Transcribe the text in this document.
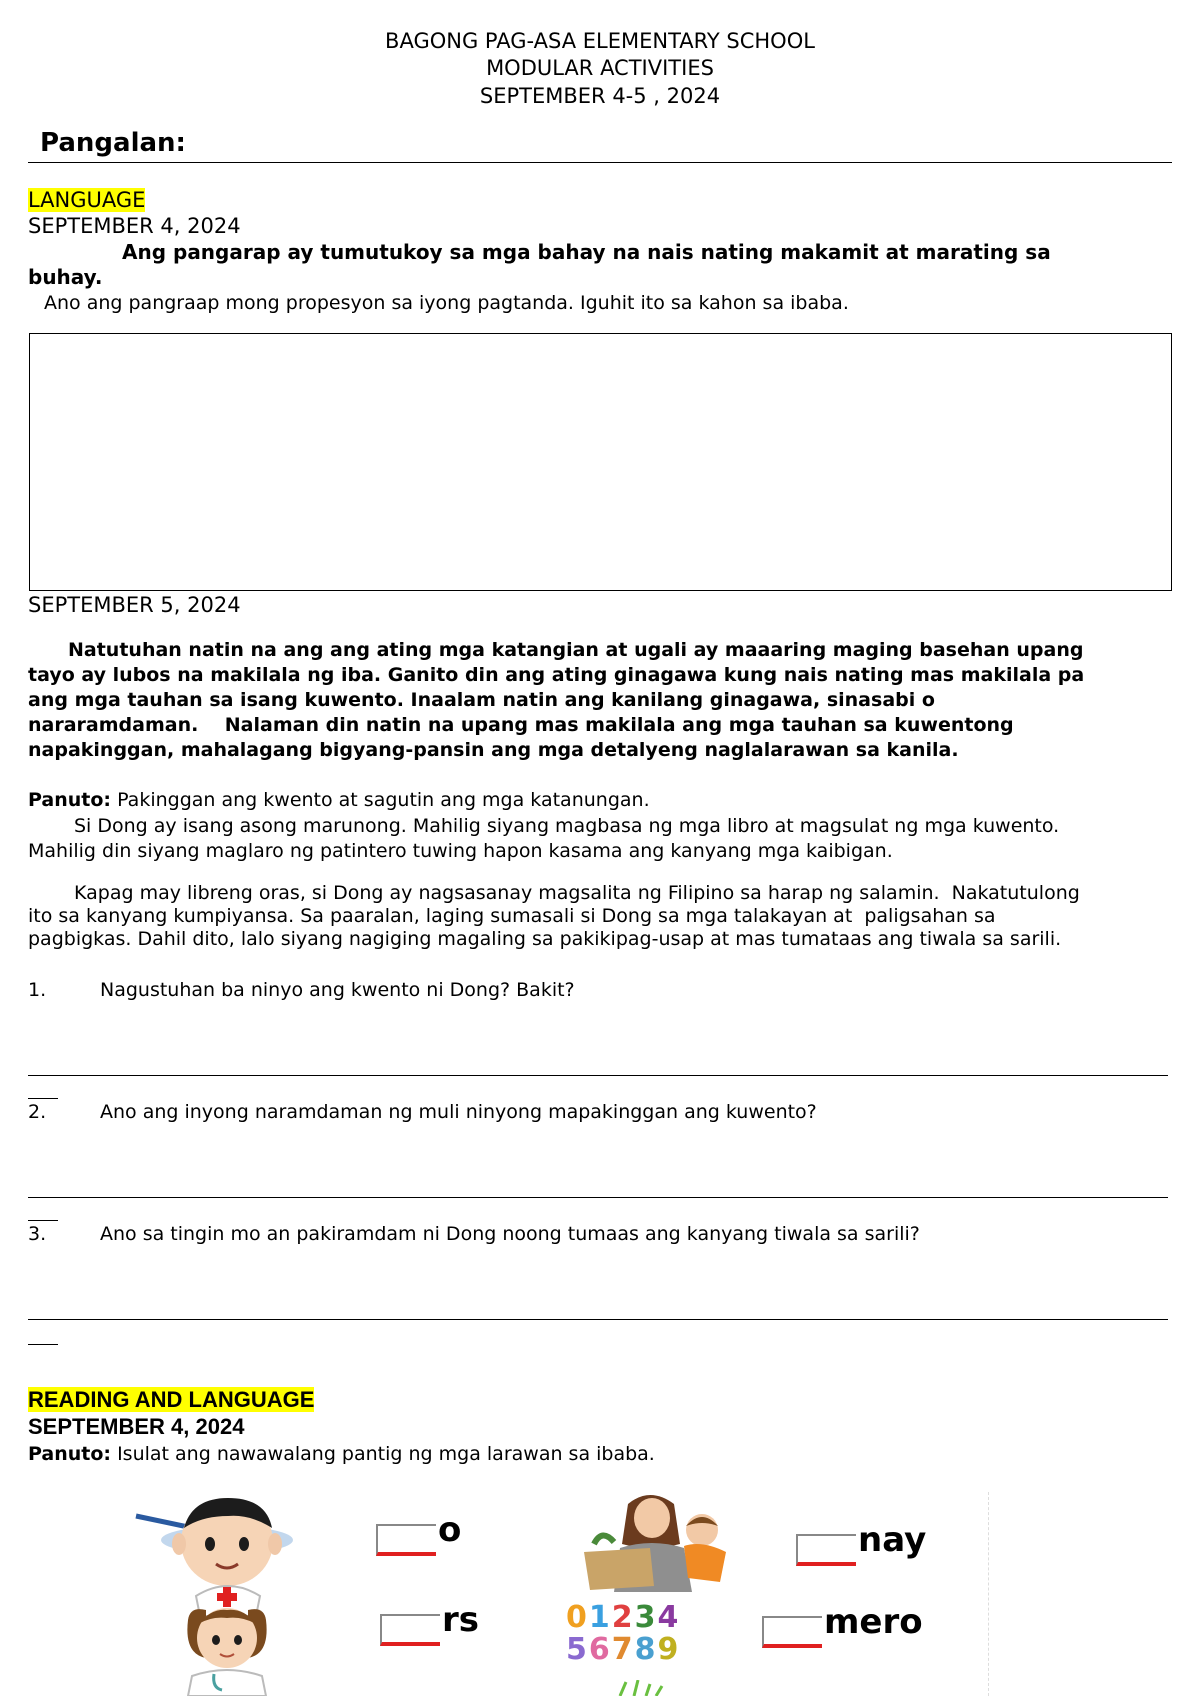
BAGONG PAG-ASA ELEMENTARY SCHOOL
MODULAR ACTIVITIES
SEPTEMBER 4-5 , 2024
Pangalan:
LANGUAGE
SEPTEMBER 4, 2024
Ang pangarap ay tumutukoy sa mga bahay na nais nating makamit at marating sa
buhay.
Ano ang pangraap mong propesyon sa iyong pagtanda. Iguhit ito sa kahon sa ibaba.
SEPTEMBER 5, 2024
Natutuhan natin na ang ang ating mga katangian at ugali ay maaaring maging basehan upang
tayo ay lubos na makilala ng iba. Ganito din ang ating ginagawa kung nais nating mas makilala pa
ang mga tauhan sa isang kuwento. Inaalam natin ang kanilang ginagawa, sinasabi o
nararamdaman.    Nalaman din natin na upang mas makilala ang mga tauhan sa kuwentong
napakinggan, mahalagang bigyang-pansin ang mga detalyeng naglalarawan sa kanila.
Panuto: Pakinggan ang kwento at sagutin ang mga katanungan.
Si Dong ay isang asong marunong. Mahilig siyang magbasa ng mga libro at magsulat ng mga kuwento.
Mahilig din siyang maglaro ng patintero tuwing hapon kasama ang kanyang mga kaibigan.
Kapag may libreng oras, si Dong ay nagsasanay magsalita ng Filipino sa harap ng salamin.  Nakatutulong
ito sa kanyang kumpiyansa. Sa paaralan, laging sumasali si Dong sa mga talakayan at  paligsahan sa
pagbigkas. Dahil dito, lalo siyang nagiging magaling sa pakikipag-usap at mas tumataas ang tiwala sa sarili.
1.	Nagustuhan ba ninyo ang kwento ni Dong? Bakit?
2.	Ano ang inyong naramdaman ng muli ninyong mapakinggan ang kuwento?
3.	Ano sa tingin mo an pakiramdam ni Dong noong tumaas ang kanyang tiwala sa sarili?
READING AND LANGUAGE
SEPTEMBER 4, 2024
Panuto: Isulat ang nawawalang pantig ng mga larawan sa ibaba.
01234
56789
o	nay
rs	mero
